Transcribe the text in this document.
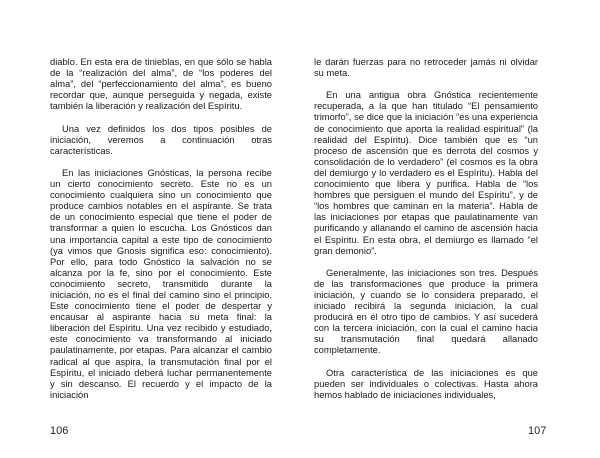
diablo. En esta era de tinieblas, en que sólo se habla de la “realización del alma”, de “los poderes del alma”, del “perfeccionamiento del alma”, es bueno recordar que, aunque perseguida y negada, existe también la liberación y realización del Espíritu.

Una vez definidos los dos tipos posibles de iniciación, veremos a continuación otras características.

En las iniciaciones Gnósticas, la persona recibe un cierto conocimiento secreto. Este no es un conocimiento cualquiera sino un conocimiento que produce cambios notables en el aspirante. Se trata de un conocimiento especial que tiene el poder de transformar a quien lo escucha. Los Gnósticos dan una importancia capital a este tipo de conocimiento (ya vimos que Gnosis significa eso: conocimiento). Por ello, para todo Gnóstico la salvación no se alcanza por la fe, sino por el conocimiento. Este conocimiento secreto, transmitido durante la iniciación, no es el final del camino sino el principio. Este conocimiento tiene el poder de despertar y encausar al aspirante hacia su meta final: la liberación del Espíritu. Una vez recibido y estudiado, este conocimiento va transformando al iniciado paulatinamente, por etapas. Para alcanzar el cambio radical al que aspira, la transmutación final por el Espíritu, el iniciado deberá luchar permanentemente y sin descanso. El recuerdo y el impacto de la iniciación

106

le darán fuerzas para no retroceder jamás ni olvidar su meta.

En una antigua obra Gnóstica recientemente recuperada, a la que han titulado “El pensamiento trimorfo”, se dice que la iniciación “es una experiencia de conocimiento que aporta la realidad espiritual” (la realidad del Espíritu). Dice también que es “un proceso de ascensión que es derrota del cosmos y consolidación de lo verdadero” (el cosmos es la obra del demiurgo y lo verdadero es el Espíritu). Habla del conocimiento que libera y purifica. Habla de “los hombres que persiguen el mundo del Espíritu”, y de “los hombres que caminan en la materia”. Habla de las iniciaciones por etapas que paulatinamente van purificando y allanando el camino de ascensión hacia el Espíritu. En esta obra, el demiurgo es llamado “el gran demonio”.

Generalmente, las iniciaciones son tres. Después de las transformaciones que produce la primera iniciación, y cuando se lo considera preparado, el iniciado recibirá la segunda iniciación, la cual producirá en él otro tipo de cambios. Y así sucederá con la tercera iniciación, con la cual el camino hacia su transmutación final quedará allanado completamente.

Otra característica de las iniciaciones es que pueden ser individuales o colectivas. Hasta ahora hemos hablado de iniciaciones individuales,

107
